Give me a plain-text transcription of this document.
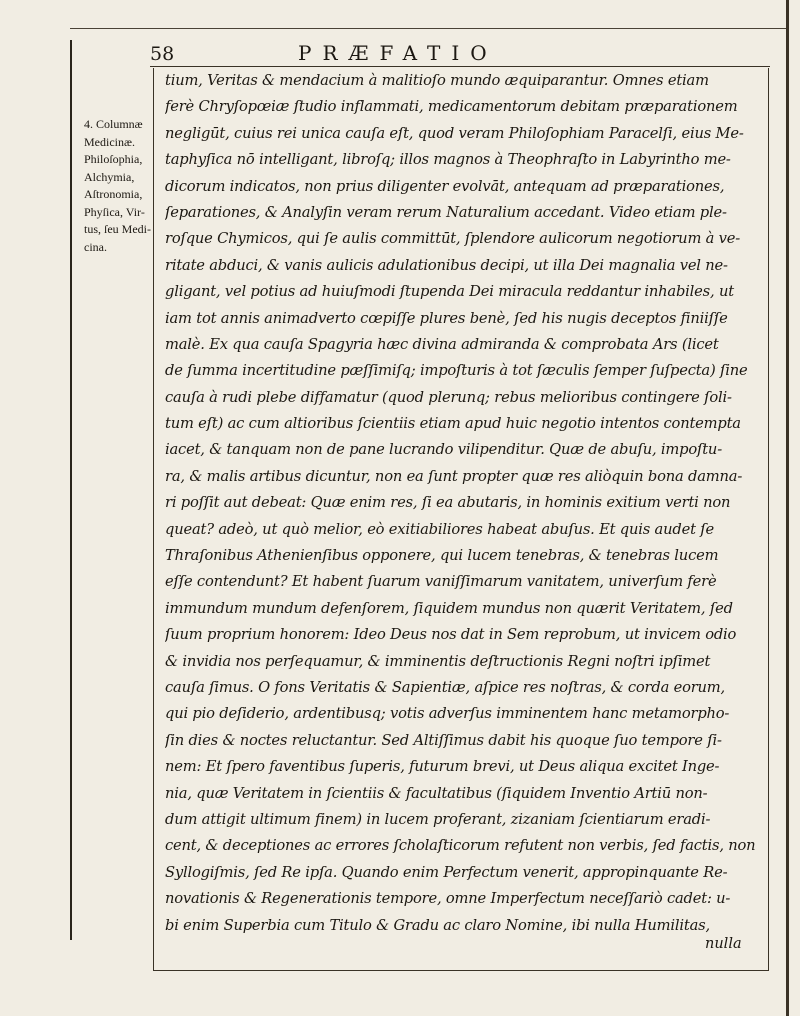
58	PRÆFATIO
4. Columnæ
Medicinæ.
Philoſophia,
Alchymia,
Aſtronomia,
Phyſica, Vir-
tus, ſeu Medi-
cina.
tium, Veritas & mendacium à malitioſo mundo æquiparantur. Omnes etiam
ferè Chryſopœiæ ſtudio inflammati, medicamentorum debitam præparationem
negligūt, cuius rei unica cauſa eſt, quod veram Philoſophiam Paracelſi, eius Me-
taphyſica nō intelligant, libroſq; illos magnos à Theophraſto in Labyrintho me-
dicorum indicatos, non prius diligenter evolvāt, antequam ad præparationes,
ſeparationes, & Analyſin veram rerum Naturalium accedant. Video etiam ple-
roſque Chymicos, qui ſe aulis committūt, ſplendore aulicorum negotiorum à ve-
ritate abduci, & vanis aulicis adulationibus decipi, ut illa Dei magnalia vel ne-
gligant, vel potius ad huiuſmodi ſtupenda Dei miracula reddantur inhabiles, ut
iam tot annis animadverto cœpiſſe plures benè, ſed his nugis deceptos finiiſſe
malè. Ex qua cauſa Spagyria hæc divina admiranda & comprobata Ars (licet
de ſumma incertitudine pæſſimiſq; impoſturis à tot ſæculis ſemper ſuſpecta) ſine
cauſa à rudi plebe diffamatur (quod plerunq; rebus melioribus contingere ſoli-
tum eſt) ac cum altioribus ſcientiis etiam apud huic negotio intentos contempta
iacet, & tanquam non de pane lucrando vilipenditur. Quæ de abuſu, impoſtu-
ra, & malis artibus dicuntur, non ea ſunt propter quæ res aliòquin bona damna-
ri poſſit aut debeat: Quæ enim res, ſi ea abutaris, in hominis exitium verti non
queat? adeò, ut quò melior, eò exitiabiliores habeat abuſus. Et quis audet ſe
Thraſonibus Athenienſibus opponere, qui lucem tenebras, & tenebras lucem
eſſe contendunt? Et habent ſuarum vaniſſimarum vanitatem, univerſum ferè
immundum mundum defenſorem, ſiquidem mundus non quærit Veritatem, ſed
ſuum proprium honorem: Ideo Deus nos dat in Sem reprobum, ut invicem odio
& invidia nos perſequamur, & imminentis deſtructionis Regni noſtri ipſimet
cauſa ſimus. O fons Veritatis & Sapientiæ, aſpice res noſtras, & corda eorum,
qui pio deſiderio, ardentibusq; votis adverſus imminentem hanc metamorpho-
ſin dies & noctes reluctantur. Sed Altiſſimus dabit his quoque ſuo tempore ſi-
nem: Et ſpero faventibus ſuperis, futurum brevi, ut Deus aliqua excitet Inge-
nia, quæ Veritatem in ſcientiis & facultatibus (ſiquidem Inventio Artiū non-
dum attigit ultimum finem) in lucem proferant, zizaniam ſcientiarum eradi-
cent, & deceptiones ac errores ſcholaſticorum refutent non verbis, ſed factis, non
Syllogiſmis, ſed Re ipſa. Quando enim Perfectum venerit, appropinquante Re-
novationis & Regenerationis tempore, omne Imperfectum neceſſariò cadet: u-
bi enim Superbia cum Titulo & Gradu ac claro Nomine, ibi nulla Humilitas,
nulla
